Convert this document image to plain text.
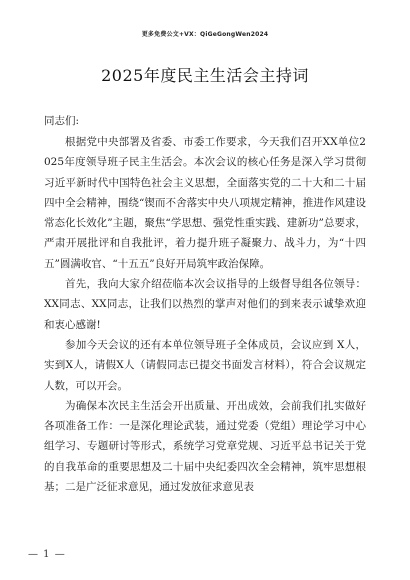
更多免费公文+VX：QiGeGongWen2024
2025年度民主生活会主持词

同志们:

根据党中央部署及省委、市委工作要求，今天我们召开XX单位2025年度领导班子民主生活会。本次会议的核心任务是深入学习贯彻习近平新时代中国特色社会主义思想，全面落实党的二十大和二十届四中全会精神，围绕“锲而不舍落实中央八项规定精神，推进作风建设常态化长效化”主题，聚焦“学思想、强党性重实践、建新功”总要求，严肃开展批评和自我批评，着力提升班子凝聚力、战斗力，为“十四五”圆满收官、“十五五”良好开局筑牢政治保障。

首先，我向大家介绍莅临本次会议指导的上级督导组各位领导：XX同志、XX同志，让我们以热烈的掌声对他们的到来表示诚挚欢迎和衷心感谢!

参加今天会议的还有本单位领导班子全体成员，会议应到 X人，实到X人，请假X人（请假同志已提交书面发言材料），符合会议规定人数，可以开会。

为确保本次民主生活会开出质量、开出成效，会前我们扎实做好各项准备工作：一是深化理论武装，通过党委（党组）理论学习中心组学习、专题研讨等形式，系统学习党章党规、习近平总书记关于党的自我革命的重要思想及二十届中央纪委四次全会精神，筑牢思想根基；二是广泛征求意见，通过发放征求意见表

— 1 —
